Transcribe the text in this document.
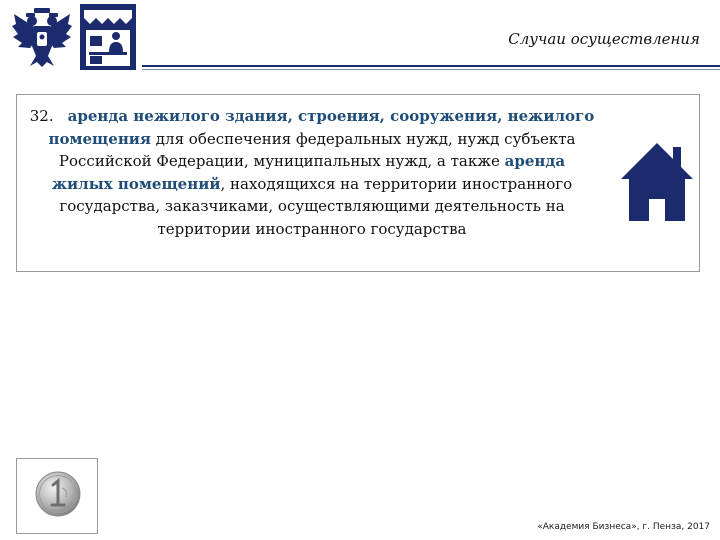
Случаи осуществления
32. аренда нежилого здания, строения, сооружения, нежилого помещения для обеспечения федеральных нужд, нужд субъекта Российской Федерации, муниципальных нужд, а также аренда жилых помещений, находящихся на территории иностранного государства, заказчиками, осуществляющими деятельность на территории иностранного государства
«Академия Бизнеса», г. Пенза, 2017
